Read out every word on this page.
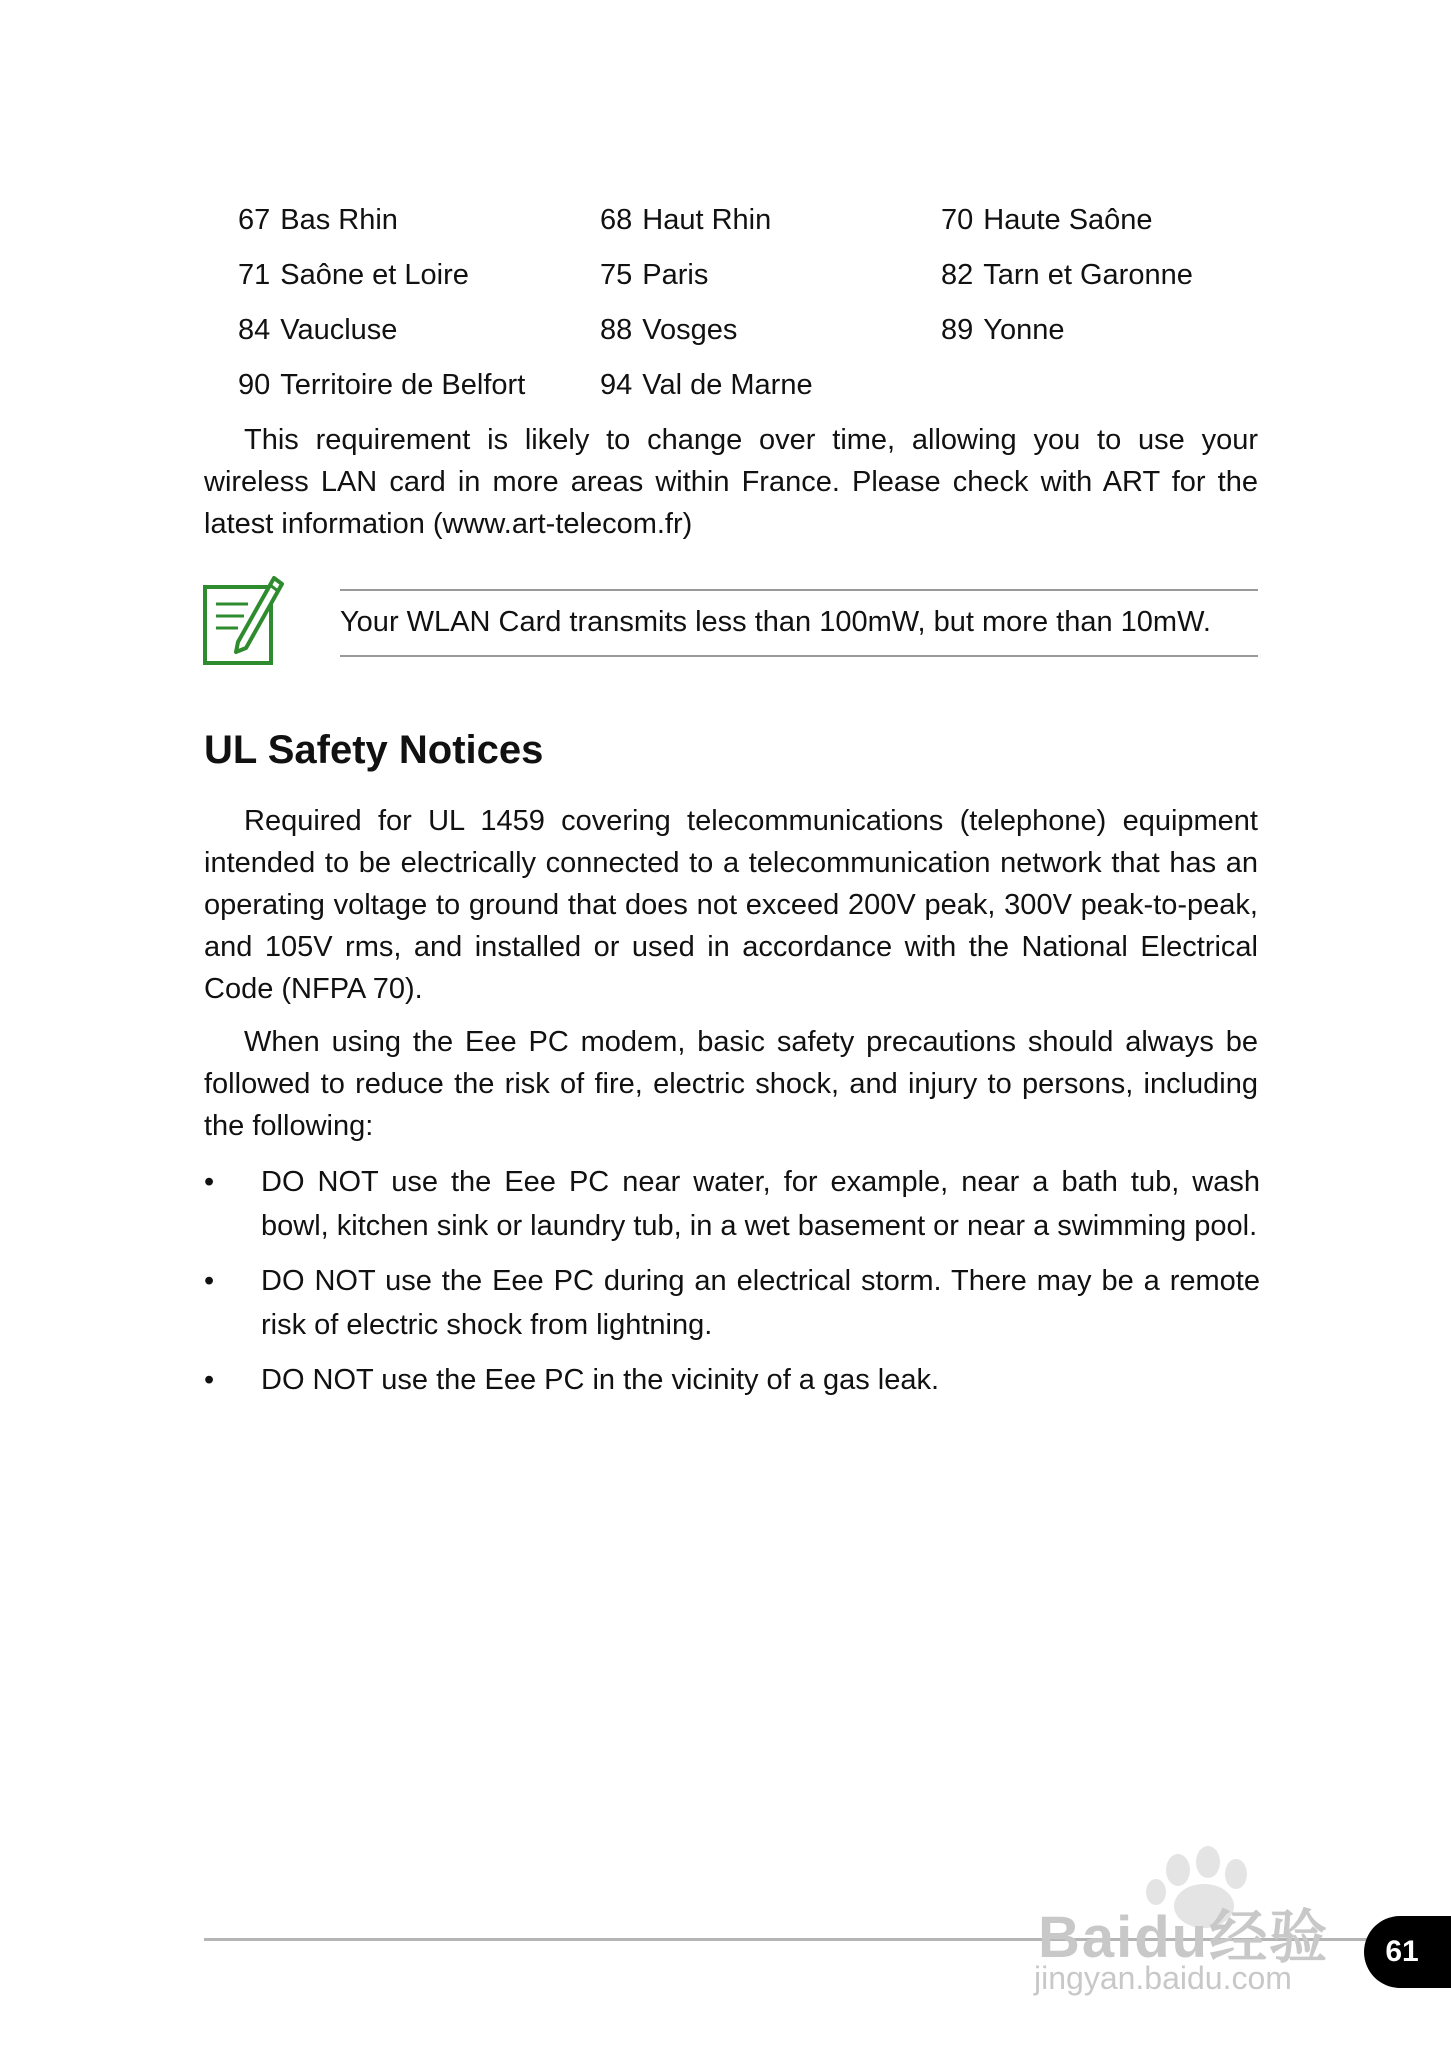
67 Bas Rhin	68 Haut Rhin	70 Haute Saône
71 Saône et Loire	75 Paris	82 Tarn et Garonne
84 Vaucluse	88 Vosges	89 Yonne
90 Territoire de Belfort	94 Val de Marne

This requirement is likely to change over time, allowing you to use your wireless LAN card in more areas within France. Please check with ART for the latest information (www.art-telecom.fr)

Your WLAN Card transmits less than 100mW, but more than 10mW.
UL Safety Notices

Required for UL 1459 covering telecommunications (telephone) equipment intended to be electrically connected to a telecommunication network that has an operating voltage to ground that does not exceed 200V peak, 300V peak-to-peak, and 105V rms, and installed or used in accordance with the National Electrical Code (NFPA 70).

When using the Eee PC modem, basic safety precautions should always be followed to reduce the risk of fire, electric shock, and injury to persons, including the following:

•	DO NOT use the Eee PC near water, for example, near a bath tub, wash bowl, kitchen sink or laundry tub, in a wet basement or near a swimming pool.
•	DO NOT use the Eee PC during an electrical storm. There may be a remote risk of electric shock from lightning.
•	DO NOT use the Eee PC in the vicinity of a gas leak.
Baidu经验
jingyan.baidu.com
61
